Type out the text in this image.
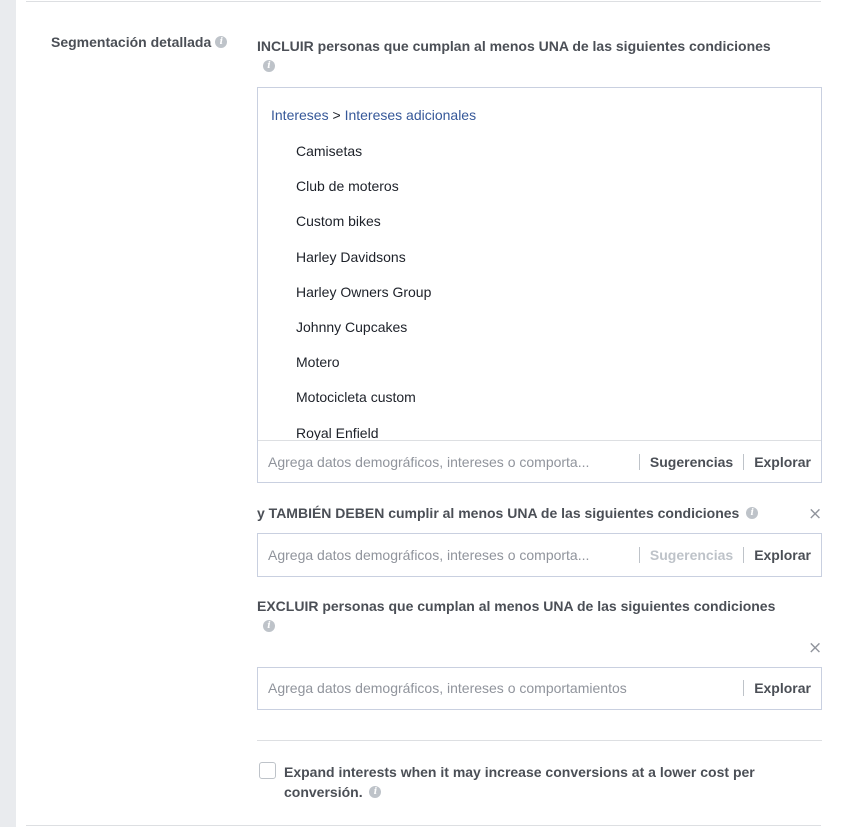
Segmentación detallada i	INCLUIR personas que cumplan al menos UNA de las siguientes condiciones
i
Intereses > Intereses adicionales
Camisetas
Club de moteros
Custom bikes
Harley Davidsons
Harley Owners Group
Johnny Cupcakes
Motero
Motocicleta custom
Royal Enfield
Agrega datos demográficos, intereses o comporta...
Sugerencias	Explorar
y TAMBIÉN DEBEN cumplir al menos UNA de las siguientes condiciones i	×
Agrega datos demográficos, intereses o comporta...
Sugerencias	Explorar
EXCLUIR personas que cumplan al menos UNA de las siguientes condiciones
i
×
Agrega datos demográficos, intereses o comportamientos
Explorar
Expand interests when it may increase conversions at a lower cost per conversión. i
